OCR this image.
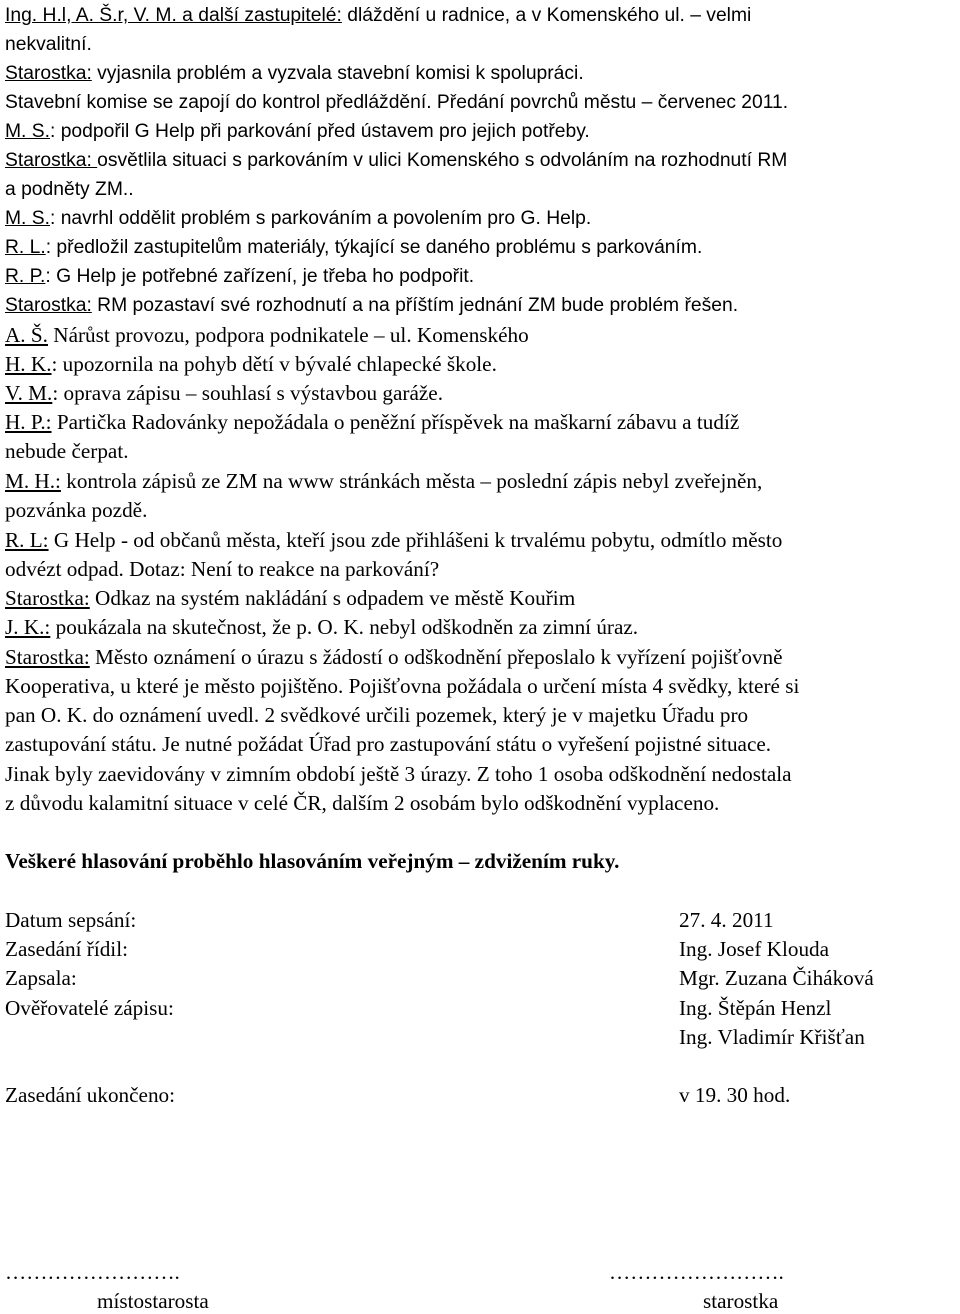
Ing. H.l, A. Š.r, V. M. a další zastupitelé: dláždění u radnice, a v Komenského ul. – velmi
nekvalitní.
Starostka: vyjasnila problém a vyzvala stavební komisi k spolupráci.
Stavební komise se zapojí do kontrol předláždění. Předání povrchů městu – červenec 2011.
M. S.: podpořil G Help při parkování před ústavem pro jejich potřeby.
Starostka: osvětlila situaci s parkováním v ulici Komenského s odvoláním na rozhodnutí RM
a podněty ZM..
M. S.: navrhl oddělit problém s parkováním a povolením pro G. Help.
R. L.: předložil zastupitelům materiály, týkající se daného problému s parkováním.
R. P.: G Help je potřebné zařízení, je třeba ho podpořit.
Starostka: RM pozastaví své rozhodnutí a na příštím jednání ZM bude problém řešen.
A. Š. Nárůst provozu, podpora podnikatele – ul. Komenského
H. K.: upozornila na pohyb dětí v bývalé chlapecké škole.
V. M.: oprava zápisu – souhlasí s výstavbou garáže.
H. P.: Partička Radovánky nepožádala o peněžní příspěvek na maškarní zábavu a tudíž
nebude čerpat.
M. H.: kontrola zápisů ze ZM na www stránkách města – poslední zápis nebyl zveřejněn,
pozvánka pozdě.
R. L: G Help - od občanů města, kteří jsou zde přihlášeni k trvalému pobytu, odmítlo město
odvézt odpad. Dotaz: Není to reakce na parkování?
Starostka: Odkaz na systém nakládání s odpadem ve městě Kouřim
J. K.: poukázala na skutečnost, že p. O. K. nebyl odškodněn za zimní úraz.
Starostka: Město oznámení o úrazu s žádostí o odškodnění přeposlalo k vyřízení pojišťovně
Kooperativa, u které je město pojištěno. Pojišťovna požádala o určení místa 4 svědky, které si
pan O. K. do oznámení uvedl. 2 svědkové určili pozemek, který je v majetku Úřadu pro
zastupování státu. Je nutné požádat Úřad pro zastupování státu o vyřešení pojistné situace.
Jinak byly zaevidovány v zimním období ještě 3 úrazy. Z toho 1 osoba odškodnění nedostala
z důvodu kalamitní situace v celé ČR, dalším 2 osobám bylo odškodnění vyplaceno.
Veškeré hlasování proběhlo hlasováním veřejným – zdvižením ruky.
Datum sepsání:	27. 4. 2011
Zasedání řídil:	Ing. Josef Klouda
Zapsala:	Mgr. Zuzana Čiháková
Ověřovatelé zápisu:	Ing. Štěpán Henzl
Ing. Vladimír Křišťan
Zasedání ukončeno:	v 19. 30 hod.
…………………….
místostarosta
…………………….
starostka
